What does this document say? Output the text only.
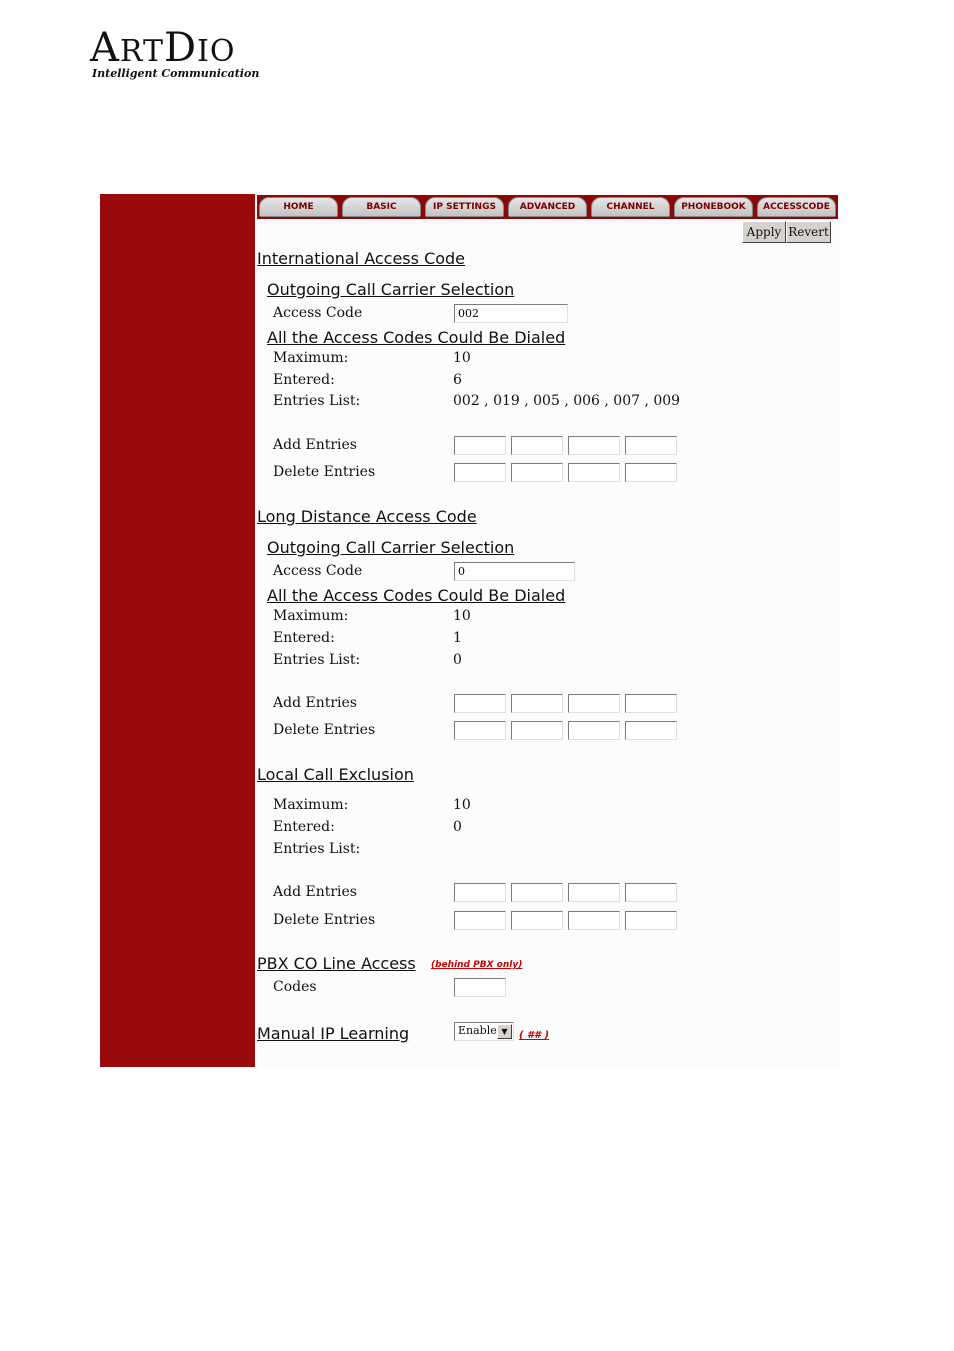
ARTDIO
Intelligent Communication
HOME	BASIC	IP SETTINGS	ADVANCED	CHANNEL	PHONEBOOK	ACCESSCODE
Apply Revert
International Access Code
Outgoing Call Carrier Selection
Access Code
002
All the Access Codes Could Be Dialed
Maximum:	10
Entered:	6
Entries List:	002 , 019 , 005 , 006 , 007 , 009
Add Entries
Delete Entries
Long Distance Access Code
Outgoing Call Carrier Selection
Access Code
0
All the Access Codes Could Be Dialed
Maximum:	10
Entered:	1
Entries List:	0
Add Entries
Delete Entries
Local Call Exclusion
Maximum:	10
Entered:	0
Entries List:
Add Entries
Delete Entries
PBX CO Line Access (behind PBX only)
Codes
Manual IP Learning	Enable ▼	( ## )
